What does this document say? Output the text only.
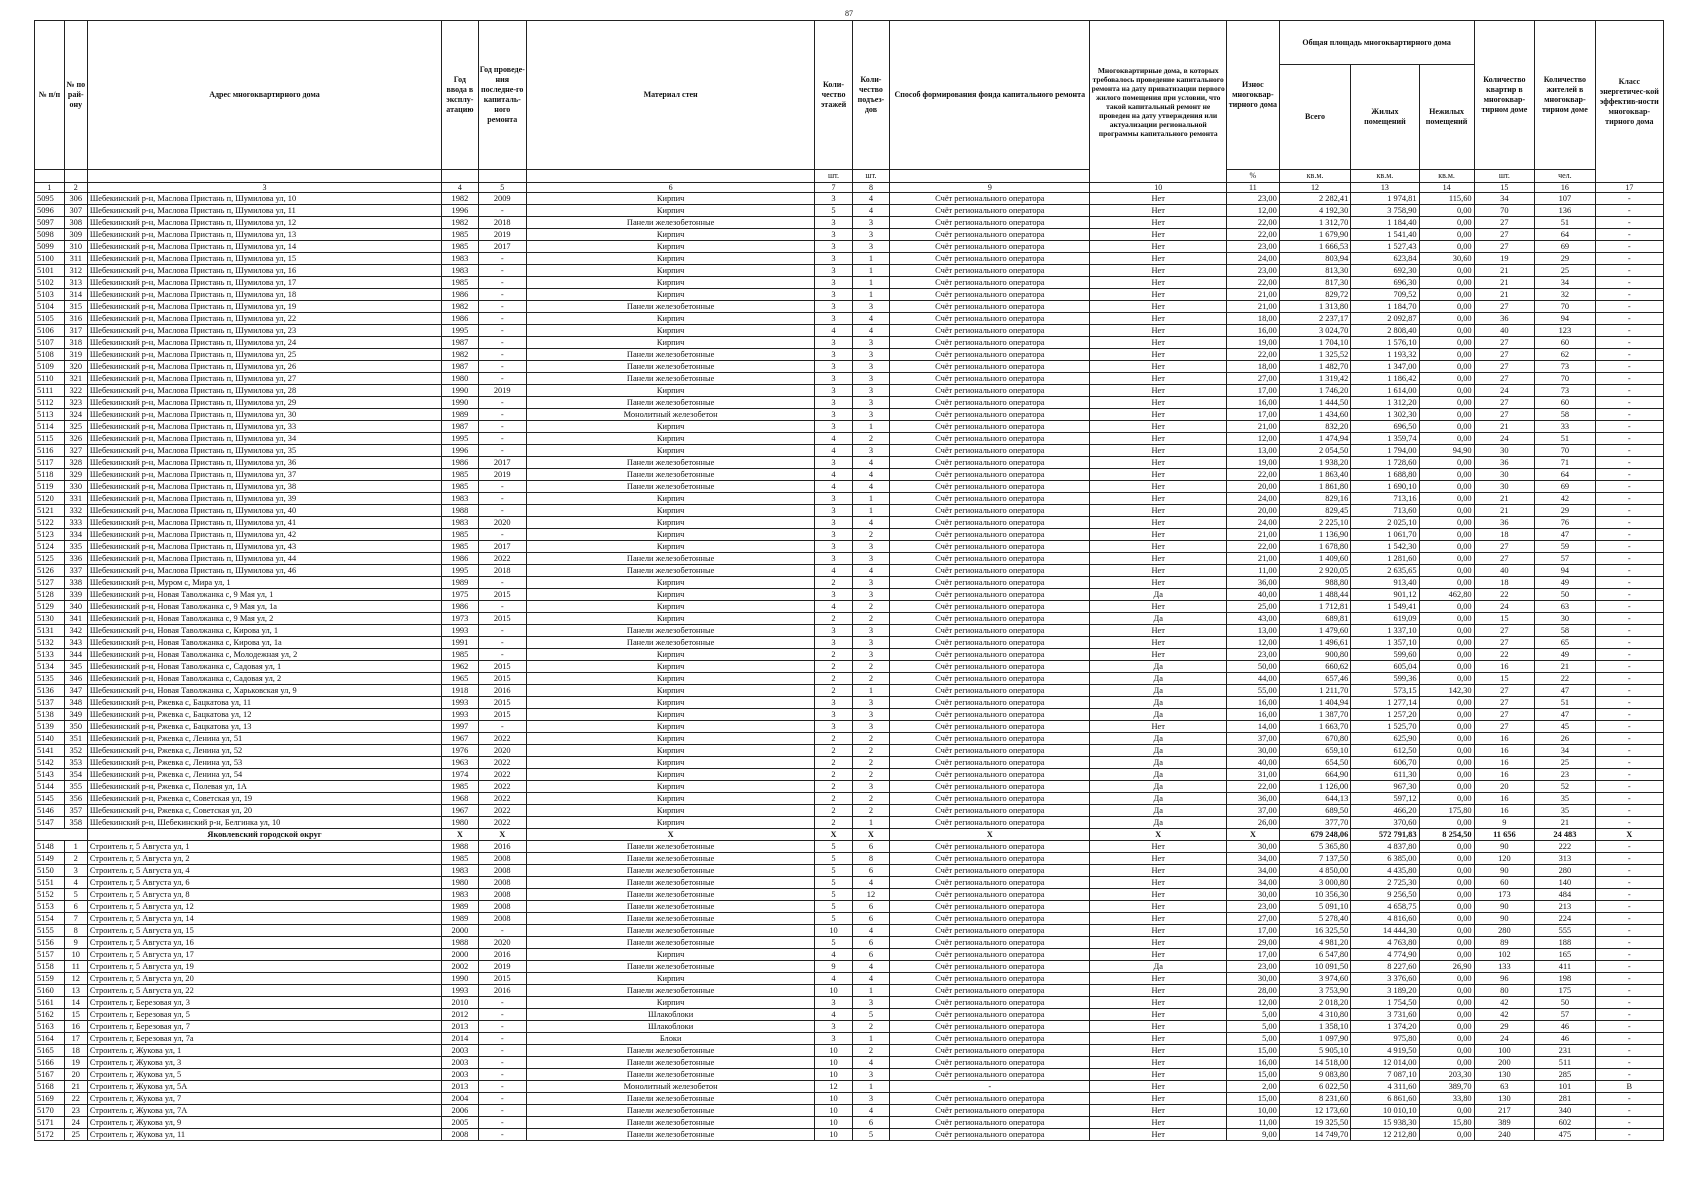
87
№ п/п	№ по рай-ону	Адрес многоквартирного дома	Год ввода в эксплу-атацию	Год проведе-ния последне-го капиталь-ного ремонта	Материал стен	Коли-чество этажей	Коли-чество подъез-дов	Способ формирования фонда капитального ремонта	Многоквартирные дома, в которых требовалось проведение капитального ремонта на дату приватизации первого жилого помещения при условии, что такой капитальный ремонт не проведен на дату утверждения или актуализации региональной программы капитального ремонта	Износ многоквар-тирного дома	Общая площадь многоквартирного дома			Количество квартир в многоквар-тирном доме	Количество жителей в многоквар-тирном доме	Класс энергетичес-кой эффектив-ности многоквар-тирного дома
											Всего	Жилых помещений	Нежилых помещений			
						шт.	шт.			%	кв.м.	кв.м.	кв.м.	шт.	чел.	
1	2	3	4	5	6	7	8	9	10	11	12	13	14	15	16	17
5095	306	Шебекинский р-н, Маслова Пристань п, Шумилова ул, 10	1982	2009	Кирпич	3	4	Счёт регионального оператора	Нет	23,00	2 282,41	1 974,81	115,60	34	107	-
5096	307	Шебекинский р-н, Маслова Пристань п, Шумилова ул, 11	1996	-	Кирпич	5	4	Счёт регионального оператора	Нет	12,00	4 192,30	3 758,90	0,00	70	136	-
5097	308	Шебекинский р-н, Маслова Пристань п, Шумилова ул, 12	1982	2018	Панели железобетонные	3	3	Счёт регионального оператора	Нет	22,00	1 312,70	1 184,40	0,00	27	51	-
5098	309	Шебекинский р-н, Маслова Пристань п, Шумилова ул, 13	1985	2019	Кирпич	3	3	Счёт регионального оператора	Нет	22,00	1 679,90	1 541,40	0,00	27	64	-
5099	310	Шебекинский р-н, Маслова Пристань п, Шумилова ул, 14	1985	2017	Кирпич	3	3	Счёт регионального оператора	Нет	23,00	1 666,53	1 527,43	0,00	27	69	-
5100	311	Шебекинский р-н, Маслова Пристань п, Шумилова ул, 15	1983	-	Кирпич	3	1	Счёт регионального оператора	Нет	24,00	803,94	623,84	30,60	19	29	-
5101	312	Шебекинский р-н, Маслова Пристань п, Шумилова ул, 16	1983	-	Кирпич	3	1	Счёт регионального оператора	Нет	23,00	813,30	692,30	0,00	21	25	-
5102	313	Шебекинский р-н, Маслова Пристань п, Шумилова ул, 17	1985	-	Кирпич	3	1	Счёт регионального оператора	Нет	22,00	817,30	696,30	0,00	21	34	-
5103	314	Шебекинский р-н, Маслова Пристань п, Шумилова ул, 18	1986	-	Кирпич	3	1	Счёт регионального оператора	Нет	21,00	829,72	709,52	0,00	21	32	-
5104	315	Шебекинский р-н, Маслова Пристань п, Шумилова ул, 19	1982	-	Панели железобетонные	3	3	Счёт регионального оператора	Нет	21,00	1 313,80	1 184,70	0,00	27	70	-
5105	316	Шебекинский р-н, Маслова Пристань п, Шумилова ул, 22	1986	-	Кирпич	3	4	Счёт регионального оператора	Нет	18,00	2 237,17	2 092,87	0,00	36	94	-
5106	317	Шебекинский р-н, Маслова Пристань п, Шумилова ул, 23	1995	-	Кирпич	4	4	Счёт регионального оператора	Нет	16,00	3 024,70	2 808,40	0,00	40	123	-
5107	318	Шебекинский р-н, Маслова Пристань п, Шумилова ул, 24	1987	-	Кирпич	3	3	Счёт регионального оператора	Нет	19,00	1 704,10	1 576,10	0,00	27	60	-
5108	319	Шебекинский р-н, Маслова Пристань п, Шумилова ул, 25	1982	-	Панели железобетонные	3	3	Счёт регионального оператора	Нет	22,00	1 325,52	1 193,32	0,00	27	62	-
5109	320	Шебекинский р-н, Маслова Пристань п, Шумилова ул, 26	1987	-	Панели железобетонные	3	3	Счёт регионального оператора	Нет	18,00	1 482,70	1 347,00	0,00	27	73	-
5110	321	Шебекинский р-н, Маслова Пристань п, Шумилова ул, 27	1980	-	Панели железобетонные	3	3	Счёт регионального оператора	Нет	27,00	1 319,42	1 186,42	0,00	27	70	-
5111	322	Шебекинский р-н, Маслова Пристань п, Шумилова ул, 28	1990	2019	Кирпич	3	3	Счёт регионального оператора	Нет	17,00	1 746,20	1 614,00	0,00	24	73	-
5112	323	Шебекинский р-н, Маслова Пристань п, Шумилова ул, 29	1990	-	Панели железобетонные	3	3	Счёт регионального оператора	Нет	16,00	1 444,50	1 312,20	0,00	27	60	-
5113	324	Шебекинский р-н, Маслова Пристань п, Шумилова ул, 30	1989	-	Монолитный железобетон	3	3	Счёт регионального оператора	Нет	17,00	1 434,60	1 302,30	0,00	27	58	-
5114	325	Шебекинский р-н, Маслова Пристань п, Шумилова ул, 33	1987	-	Кирпич	3	1	Счёт регионального оператора	Нет	21,00	832,20	696,50	0,00	21	33	-
5115	326	Шебекинский р-н, Маслова Пристань п, Шумилова ул, 34	1995	-	Кирпич	4	2	Счёт регионального оператора	Нет	12,00	1 474,94	1 359,74	0,00	24	51	-
5116	327	Шебекинский р-н, Маслова Пристань п, Шумилова ул, 35	1996	-	Кирпич	4	3	Счёт регионального оператора	Нет	13,00	2 054,50	1 794,00	94,90	30	70	-
5117	328	Шебекинский р-н, Маслова Пристань п, Шумилова ул, 36	1986	2017	Панели железобетонные	3	4	Счёт регионального оператора	Нет	19,00	1 938,20	1 728,60	0,00	36	71	-
5118	329	Шебекинский р-н, Маслова Пристань п, Шумилова ул, 37	1985	2019	Панели железобетонные	4	4	Счёт регионального оператора	Нет	22,00	1 863,40	1 688,80	0,00	30	64	-
5119	330	Шебекинский р-н, Маслова Пристань п, Шумилова ул, 38	1985	-	Панели железобетонные	4	4	Счёт регионального оператора	Нет	20,00	1 861,80	1 690,10	0,00	30	69	-
5120	331	Шебекинский р-н, Маслова Пристань п, Шумилова ул, 39	1983	-	Кирпич	3	1	Счёт регионального оператора	Нет	24,00	829,16	713,16	0,00	21	42	-
5121	332	Шебекинский р-н, Маслова Пристань п, Шумилова ул, 40	1988	-	Кирпич	3	1	Счёт регионального оператора	Нет	20,00	829,45	713,60	0,00	21	29	-
5122	333	Шебекинский р-н, Маслова Пристань п, Шумилова ул, 41	1983	2020	Кирпич	3	4	Счёт регионального оператора	Нет	24,00	2 225,10	2 025,10	0,00	36	76	-
5123	334	Шебекинский р-н, Маслова Пристань п, Шумилова ул, 42	1985	-	Кирпич	3	2	Счёт регионального оператора	Нет	21,00	1 136,90	1 061,70	0,00	18	47	-
5124	335	Шебекинский р-н, Маслова Пристань п, Шумилова ул, 43	1985	2017	Кирпич	3	3	Счёт регионального оператора	Нет	22,00	1 678,80	1 542,30	0,00	27	59	-
5125	336	Шебекинский р-н, Маслова Пристань п, Шумилова ул, 44	1986	2022	Панели железобетонные	3	3	Счёт регионального оператора	Нет	21,00	1 409,60	1 281,60	0,00	27	57	-
5126	337	Шебекинский р-н, Маслова Пристань п, Шумилова ул, 46	1995	2018	Панели железобетонные	4	4	Счёт регионального оператора	Нет	11,00	2 920,05	2 635,65	0,00	40	94	-
5127	338	Шебекинский р-н, Муром с, Мира ул, 1	1989	-	Кирпич	2	3	Счёт регионального оператора	Нет	36,00	988,80	913,40	0,00	18	49	-
5128	339	Шебекинский р-н, Новая Таволжанка с, 9 Мая ул, 1	1975	2015	Кирпич	3	3	Счёт регионального оператора	Да	40,00	1 488,44	901,12	462,80	22	50	-
5129	340	Шебекинский р-н, Новая Таволжанка с, 9 Мая ул, 1а	1986	-	Кирпич	4	2	Счёт регионального оператора	Нет	25,00	1 712,81	1 549,41	0,00	24	63	-
5130	341	Шебекинский р-н, Новая Таволжанка с, 9 Мая ул, 2	1973	2015	Кирпич	2	2	Счёт регионального оператора	Да	43,00	689,81	619,09	0,00	15	30	-
5131	342	Шебекинский р-н, Новая Таволжанка с, Кирова ул, 1	1993	-	Панели железобетонные	3	3	Счёт регионального оператора	Нет	13,00	1 479,60	1 337,10	0,00	27	58	-
5132	343	Шебекинский р-н, Новая Таволжанка с, Кирова ул, 1а	1991	-	Панели железобетонные	3	3	Счёт регионального оператора	Нет	12,00	1 496,61	1 357,10	0,00	27	65	-
5133	344	Шебекинский р-н, Новая Таволжанка с, Молодежная ул, 2	1985	-	Кирпич	2	3	Счёт регионального оператора	Нет	23,00	900,80	599,60	0,00	22	49	-
5134	345	Шебекинский р-н, Новая Таволжанка с, Садовая ул, 1	1962	2015	Кирпич	2	2	Счёт регионального оператора	Да	50,00	660,62	605,04	0,00	16	21	-
5135	346	Шебекинский р-н, Новая Таволжанка с, Садовая ул, 2	1965	2015	Кирпич	2	2	Счёт регионального оператора	Да	44,00	657,46	599,36	0,00	15	22	-
5136	347	Шебекинский р-н, Новая Таволжанка с, Харьковская ул, 9	1918	2016	Кирпич	2	1	Счёт регионального оператора	Да	55,00	1 211,70	573,15	142,30	27	47	-
5137	348	Шебекинский р-н, Ржевка с, Бацкатова ул, 11	1993	2015	Кирпич	3	3	Счёт регионального оператора	Да	16,00	1 404,94	1 277,14	0,00	27	51	-
5138	349	Шебекинский р-н, Ржевка с, Бацкатова ул, 12	1993	2015	Кирпич	3	3	Счёт регионального оператора	Да	16,00	1 387,70	1 257,20	0,00	27	47	-
5139	350	Шебекинский р-н, Ржевка с, Бацкатова ул, 13	1997	-	Кирпич	3	3	Счёт регионального оператора	Нет	14,00	1 663,70	1 525,70	0,00	27	45	-
5140	351	Шебекинский р-н, Ржевка с, Ленина ул, 51	1967	2022	Кирпич	2	2	Счёт регионального оператора	Да	37,00	670,80	625,90	0,00	16	26	-
5141	352	Шебекинский р-н, Ржевка с, Ленина ул, 52	1976	2020	Кирпич	2	2	Счёт регионального оператора	Да	30,00	659,10	612,50	0,00	16	34	-
5142	353	Шебекинский р-н, Ржевка с, Ленина ул, 53	1963	2022	Кирпич	2	2	Счёт регионального оператора	Да	40,00	654,50	606,70	0,00	16	25	-
5143	354	Шебекинский р-н, Ржевка с, Ленина ул, 54	1974	2022	Кирпич	2	2	Счёт регионального оператора	Да	31,00	664,90	611,30	0,00	16	23	-
5144	355	Шебекинский р-н, Ржевка с, Полевая ул, 1А	1985	2022	Кирпич	2	3	Счёт регионального оператора	Да	22,00	1 126,00	967,30	0,00	20	52	-
5145	356	Шебекинский р-н, Ржевка с, Советская ул, 19	1968	2022	Кирпич	2	2	Счёт регионального оператора	Да	36,00	644,13	597,12	0,00	16	35	-
5146	357	Шебекинский р-н, Ржевка с, Советская ул, 20	1967	2022	Кирпич	2	2	Счёт регионального оператора	Да	37,00	689,50	466,20	175,80	16	35	-
5147	358	Шебекинский р-н, Шебекинский р-н, Белгинка ул, 10	1980	2022	Кирпич	2	1	Счёт регионального оператора	Да	26,00	377,70	370,60	0,00	9	21	-
		Яковлевский городской округ	X	X	X	X	X	X	X	X	679 248,06	572 791,83	8 254,50	11 656	24 483	X
5148	1	Строитель г, 5 Августа ул, 1	1988	2016	Панели железобетонные	5	6	Счёт регионального оператора	Нет	30,00	5 365,80	4 837,80	0,00	90	222	-
5149	2	Строитель г, 5 Августа ул, 2	1985	2008	Панели железобетонные	5	8	Счёт регионального оператора	Нет	34,00	7 137,50	6 385,00	0,00	120	313	-
5150	3	Строитель г, 5 Августа ул, 4	1983	2008	Панели железобетонные	5	6	Счёт регионального оператора	Нет	34,00	4 850,00	4 435,80	0,00	90	280	-
5151	4	Строитель г, 5 Августа ул, 6	1980	2008	Панели железобетонные	5	4	Счёт регионального оператора	Нет	34,00	3 000,80	2 725,30	0,00	60	140	-
5152	5	Строитель г, 5 Августа ул, 8	1983	2008	Панели железобетонные	5	12	Счёт регионального оператора	Нет	30,00	10 356,30	9 256,50	0,00	173	484	-
5153	6	Строитель г, 5 Августа ул, 12	1989	2008	Панели железобетонные	5	6	Счёт регионального оператора	Нет	23,00	5 091,10	4 658,75	0,00	90	213	-
5154	7	Строитель г, 5 Августа ул, 14	1989	2008	Панели железобетонные	5	6	Счёт регионального оператора	Нет	27,00	5 278,40	4 816,60	0,00	90	224	-
5155	8	Строитель г, 5 Августа ул, 15	2000	-	Панели железобетонные	10	4	Счёт регионального оператора	Нет	17,00	16 325,50	14 444,30	0,00	280	555	-
5156	9	Строитель г, 5 Августа ул, 16	1988	2020	Панели железобетонные	5	6	Счёт регионального оператора	Нет	29,00	4 981,20	4 763,80	0,00	89	188	-
5157	10	Строитель г, 5 Августа ул, 17	2000	2016	Кирпич	4	6	Счёт регионального оператора	Нет	17,00	6 547,80	4 774,90	0,00	102	165	-
5158	11	Строитель г, 5 Августа ул, 19	2002	2019	Панели железобетонные	9	4	Счёт регионального оператора	Да	23,00	10 091,50	8 227,60	26,90	133	411	-
5159	12	Строитель г, 5 Августа ул, 20	1990	2015	Кирпич	4	4	Счёт регионального оператора	Нет	30,00	3 974,60	3 376,60	0,00	96	198	-
5160	13	Строитель г, 5 Августа ул, 22	1993	2016	Панели железобетонные	10	1	Счёт регионального оператора	Нет	28,00	3 753,90	3 189,20	0,00	80	175	-
5161	14	Строитель г, Березовая ул, 3	2010	-	Кирпич	3	3	Счёт регионального оператора	Нет	12,00	2 018,20	1 754,50	0,00	42	50	-
5162	15	Строитель г, Березовая ул, 5	2012	-	Шлакоблоки	4	5	Счёт регионального оператора	Нет	5,00	4 310,80	3 731,60	0,00	42	57	-
5163	16	Строитель г, Березовая ул, 7	2013	-	Шлакоблоки	3	2	Счёт регионального оператора	Нет	5,00	1 358,10	1 374,20	0,00	29	46	-
5164	17	Строитель г, Березовая ул, 7а	2014	-	Блоки	3	1	Счёт регионального оператора	Нет	5,00	1 097,90	975,80	0,00	24	46	-
5165	18	Строитель г, Жукова ул, 1	2003	-	Панели железобетонные	10	2	Счёт регионального оператора	Нет	15,00	5 905,10	4 919,50	0,00	100	231	-
5166	19	Строитель г, Жукова ул, 3	2003	-	Панели железобетонные	10	4	Счёт регионального оператора	Нет	16,00	14 518,00	12 014,00	0,00	200	511	-
5167	20	Строитель г, Жукова ул, 5	2003	-	Панели железобетонные	10	3	Счёт регионального оператора	Нет	15,00	9 083,80	7 087,10	203,30	130	285	-
5168	21	Строитель г, Жукова ул, 5А	2013	-	Монолитный железобетон	12	1	-	Нет	2,00	6 022,50	4 311,60	389,70	63	101	В
5169	22	Строитель г, Жукова ул, 7	2004	-	Панели железобетонные	10	3	Счёт регионального оператора	Нет	15,00	8 231,60	6 861,60	33,80	130	281	-
5170	23	Строитель г, Жукова ул, 7А	2006	-	Панели железобетонные	10	4	Счёт регионального оператора	Нет	10,00	12 173,60	10 010,10	0,00	217	340	-
5171	24	Строитель г, Жукова ул, 9	2005	-	Панели железобетонные	10	6	Счёт регионального оператора	Нет	11,00	19 325,50	15 938,30	15,80	389	602	-
5172	25	Строитель г, Жукова ул, 11	2008	-	Панели железобетонные	10	5	Счёт регионального оператора	Нет	9,00	14 749,70	12 212,80	0,00	240	475	-
